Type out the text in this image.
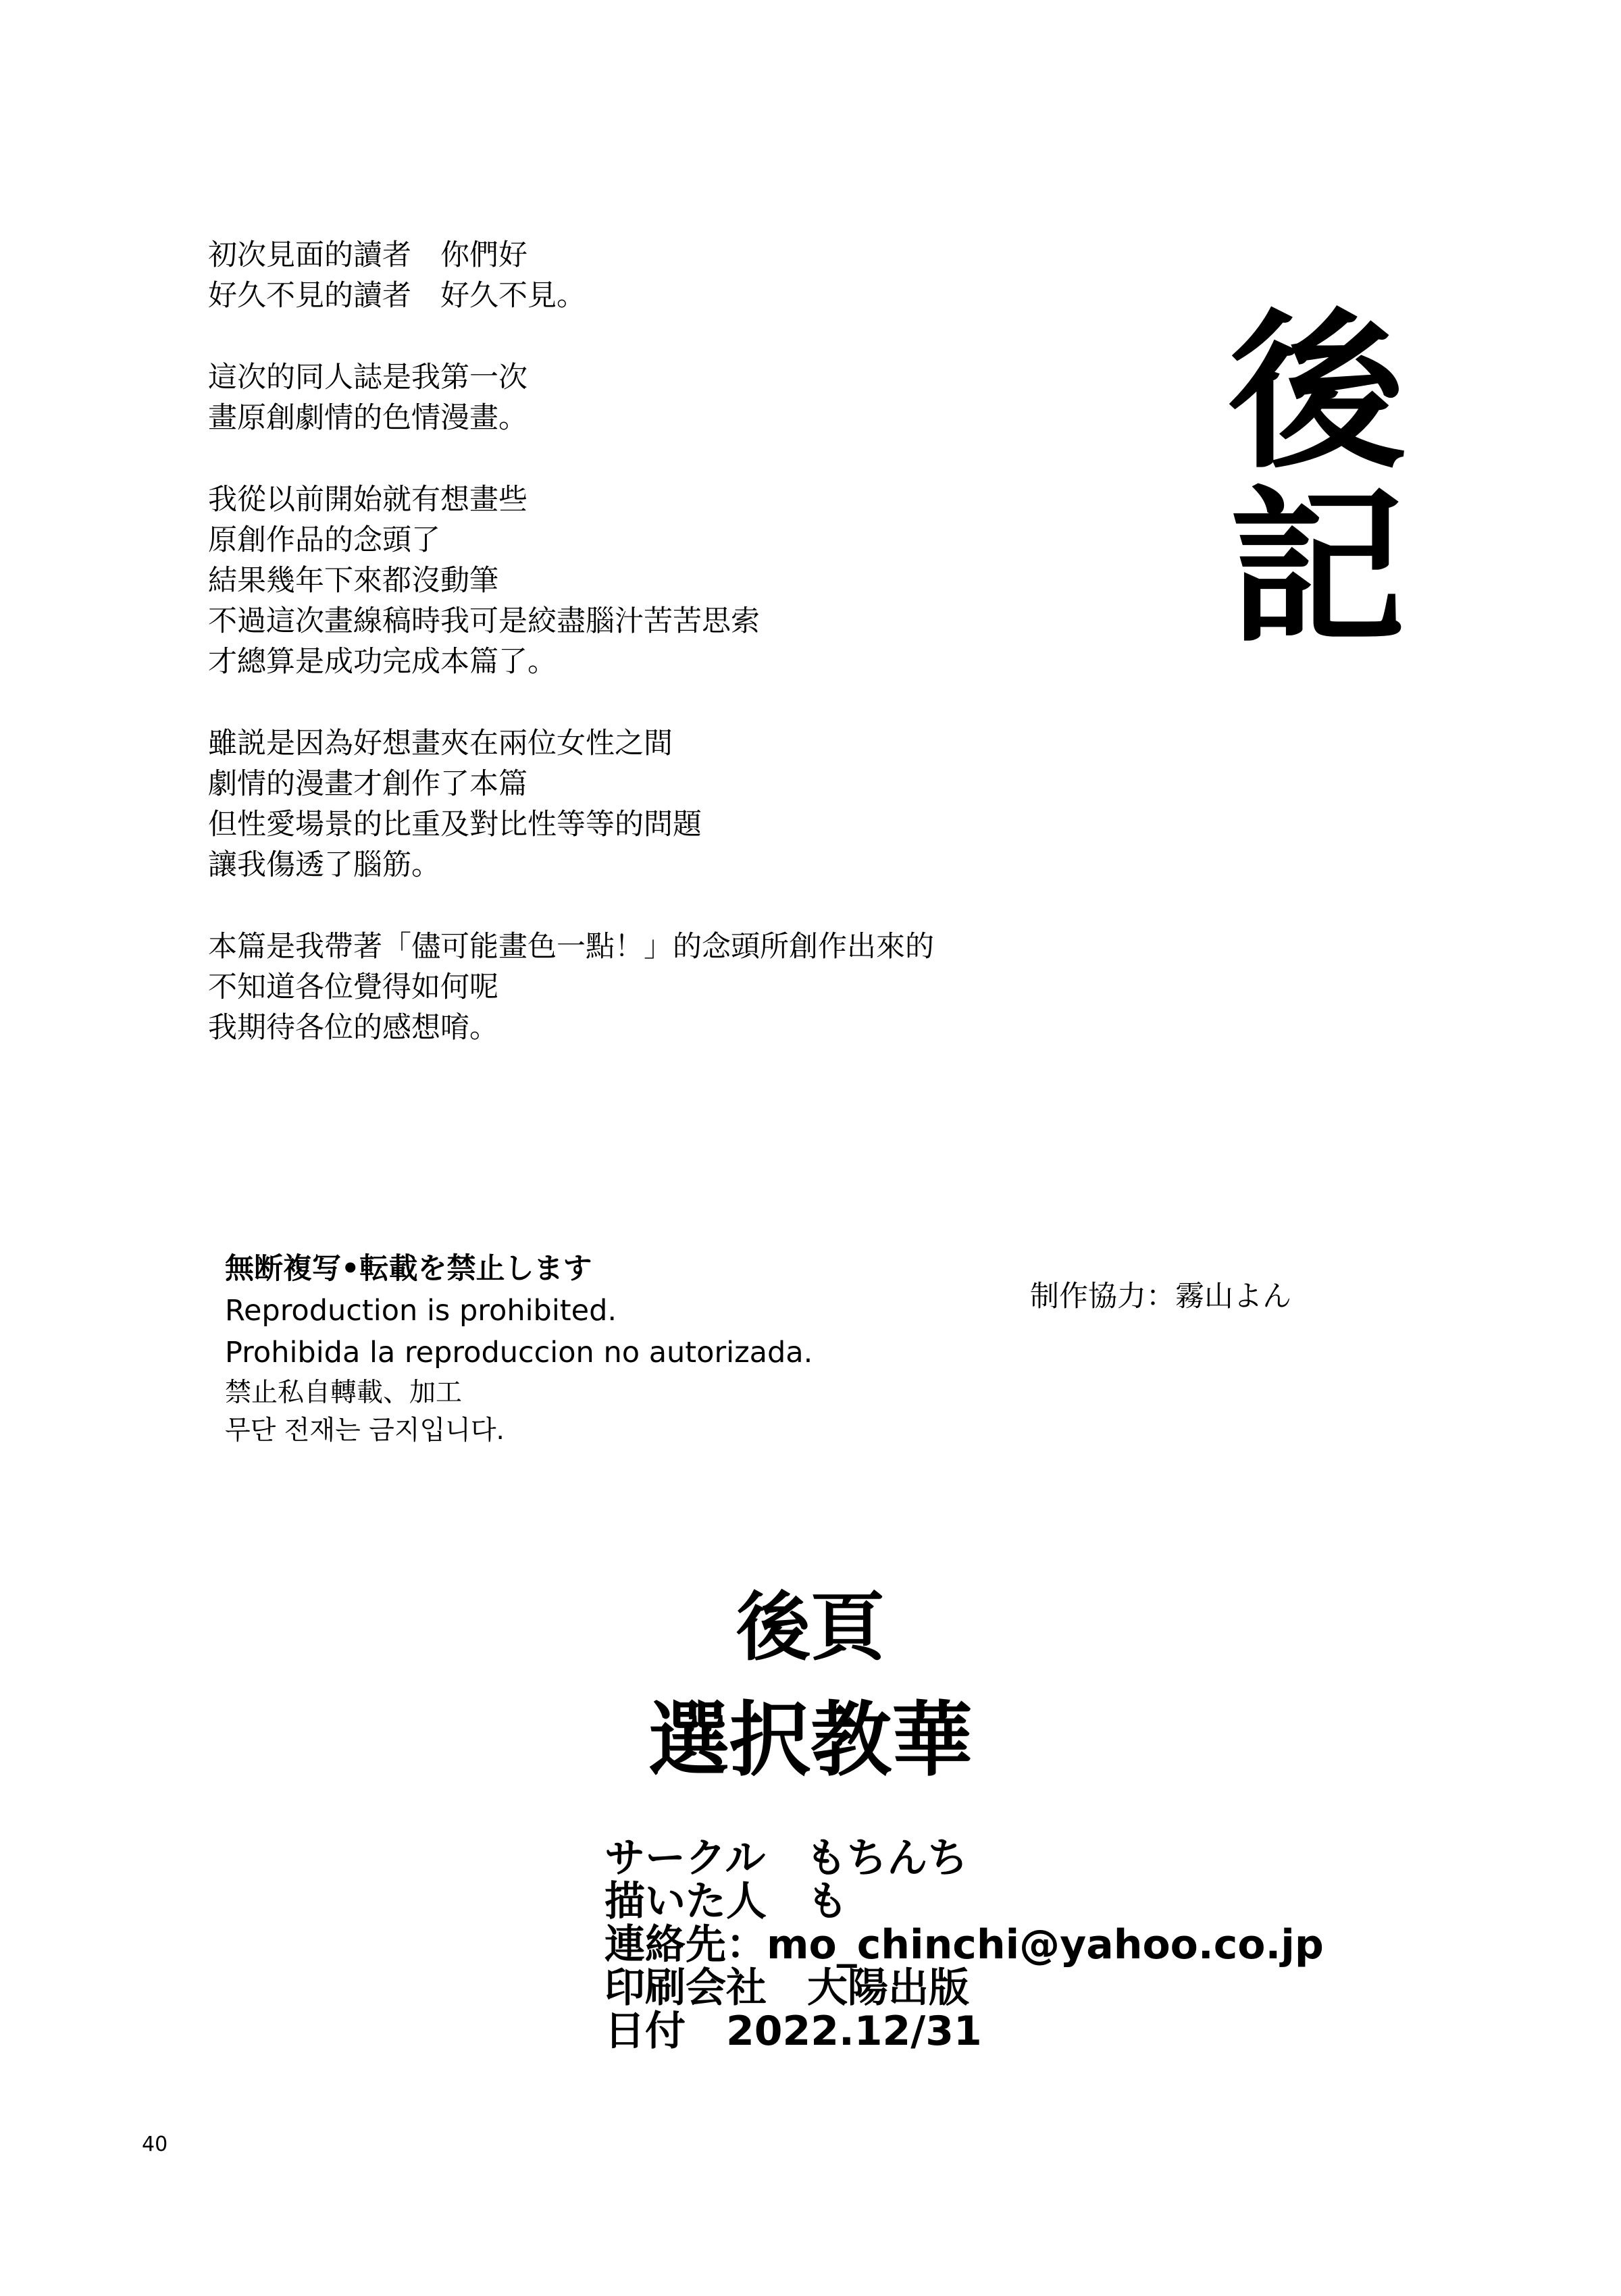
初次見面的讀者　你們好
好久不見的讀者　好久不見。
這次的同人誌是我第一次
畫原創劇情的色情漫畫。
我從以前開始就有想畫些
原創作品的念頭了
結果幾年下來都沒動筆
不過這次畫線稿時我可是絞盡腦汁苦苦思索
才總算是成功完成本篇了。
雖説是因為好想畫夾在兩位女性之間
劇情的漫畫才創作了本篇
但性愛場景的比重及對比性等等的問題
讓我傷透了腦筋。
本篇是我帶著「儘可能畫色一點！」的念頭所創作出來的
不知道各位覺得如何呢
我期待各位的感想唷。
後
記
無断複写•転載を禁止します
Reproduction is prohibited.
Prohibida la reproduccion no autorizada.
禁止私自轉載、加工
무단 전재는 금지입니다.
制作協力：霧山よん
後頁
選択教華
サークル　もちんち
描いた人　も
連絡先：mo_chinchi@yahoo.co.jp
印刷会社　大陽出版
日付　2022.12/31
40
